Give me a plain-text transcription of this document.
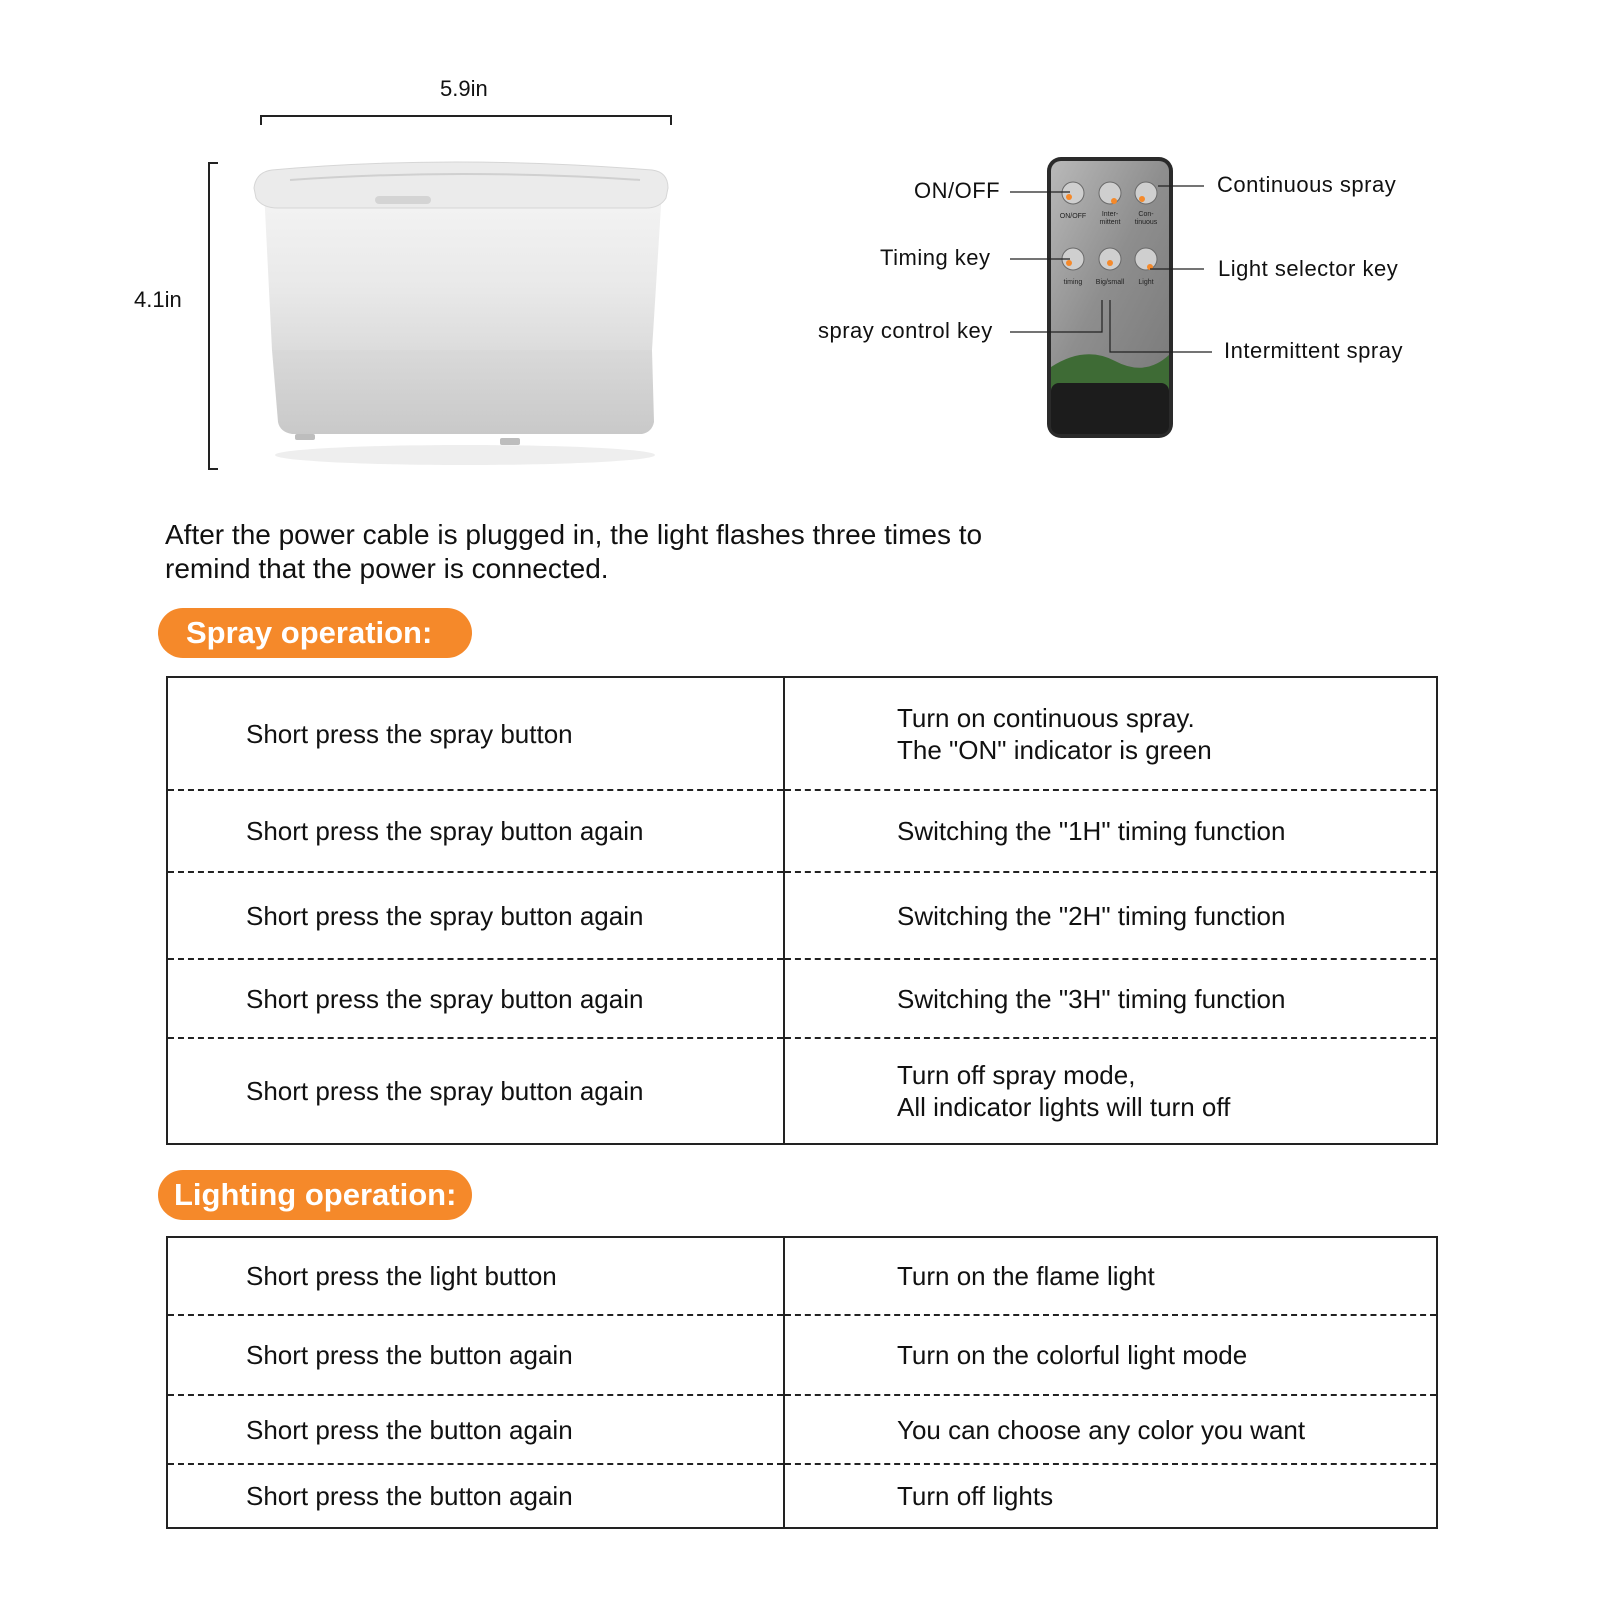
5.9in
4.1in
ON/OFF Inter-
mittent
Con-
tinuous
timing Big/small Light
ON/OFF
Timing key
spray control key
Continuous spray
Light selector key
Intermittent spray
After the power cable is plugged in, the light flashes three times to
remind that the power is connected.
Spray operation:
Short press the spray button	Turn on continuous spray.
The "ON" indicator is green

Short press the spray button again	Switching the "1H" timing function
Short press the spray button again	Switching the "2H" timing function
Short press the spray button again	Switching the "3H" timing function
Short press the spray button again	Turn off spray mode,
All indicator lights will turn off
Lighting operation:
Short press the light button	Turn on the flame light
Short press the button again	Turn on the colorful light mode
Short press the button again	You can choose any color you want
Short press the button again	Turn off lights
